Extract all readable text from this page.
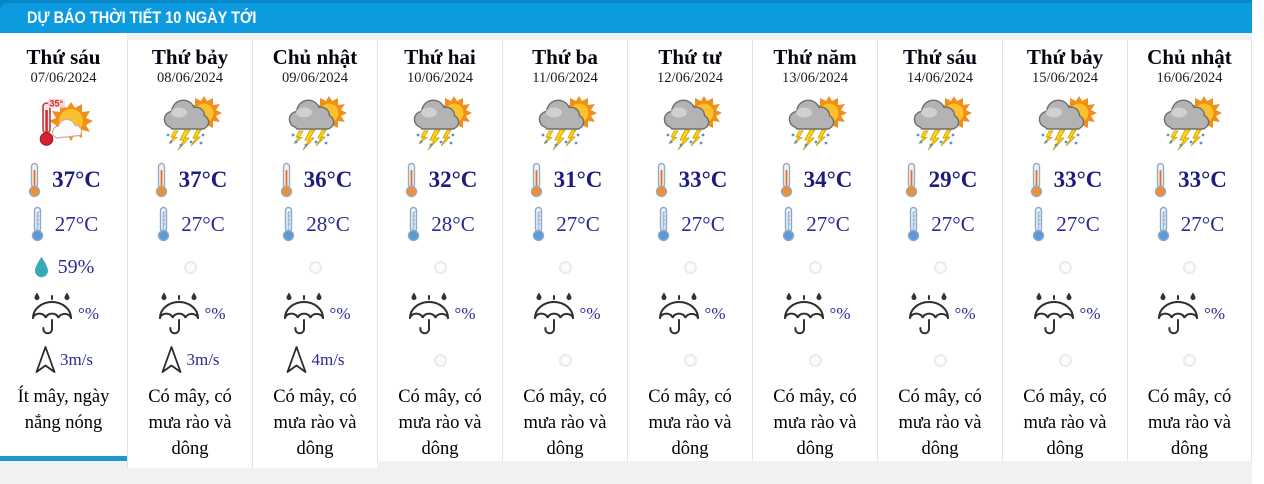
DỰ BÁO THỜI TIẾT 10 NGÀY TỚI
Thứ sáu
07/06/2024
35°
37°C
27°C
59%
°%
3m/s
Ít mây, ngày nắng nóng
Thứ bảy
08/06/2024
37°C
27°C
°%
3m/s
Có mây, có mưa rào và dông
Chủ nhật
09/06/2024
36°C
28°C
°%
4m/s
Có mây, có mưa rào và dông
Thứ hai
10/06/2024
32°C
28°C
°%
Có mây, có mưa rào và dông
Thứ ba
11/06/2024
31°C
27°C
°%
Có mây, có mưa rào và dông
Thứ tư
12/06/2024
33°C
27°C
°%
Có mây, có mưa rào và dông
Thứ năm
13/06/2024
34°C
27°C
°%
Có mây, có mưa rào và dông
Thứ sáu
14/06/2024
29°C
27°C
°%
Có mây, có mưa rào và dông
Thứ bảy
15/06/2024
33°C
27°C
°%
Có mây, có mưa rào và dông
Chủ nhật
16/06/2024
33°C
27°C
°%
Có mây, có mưa rào và dông
